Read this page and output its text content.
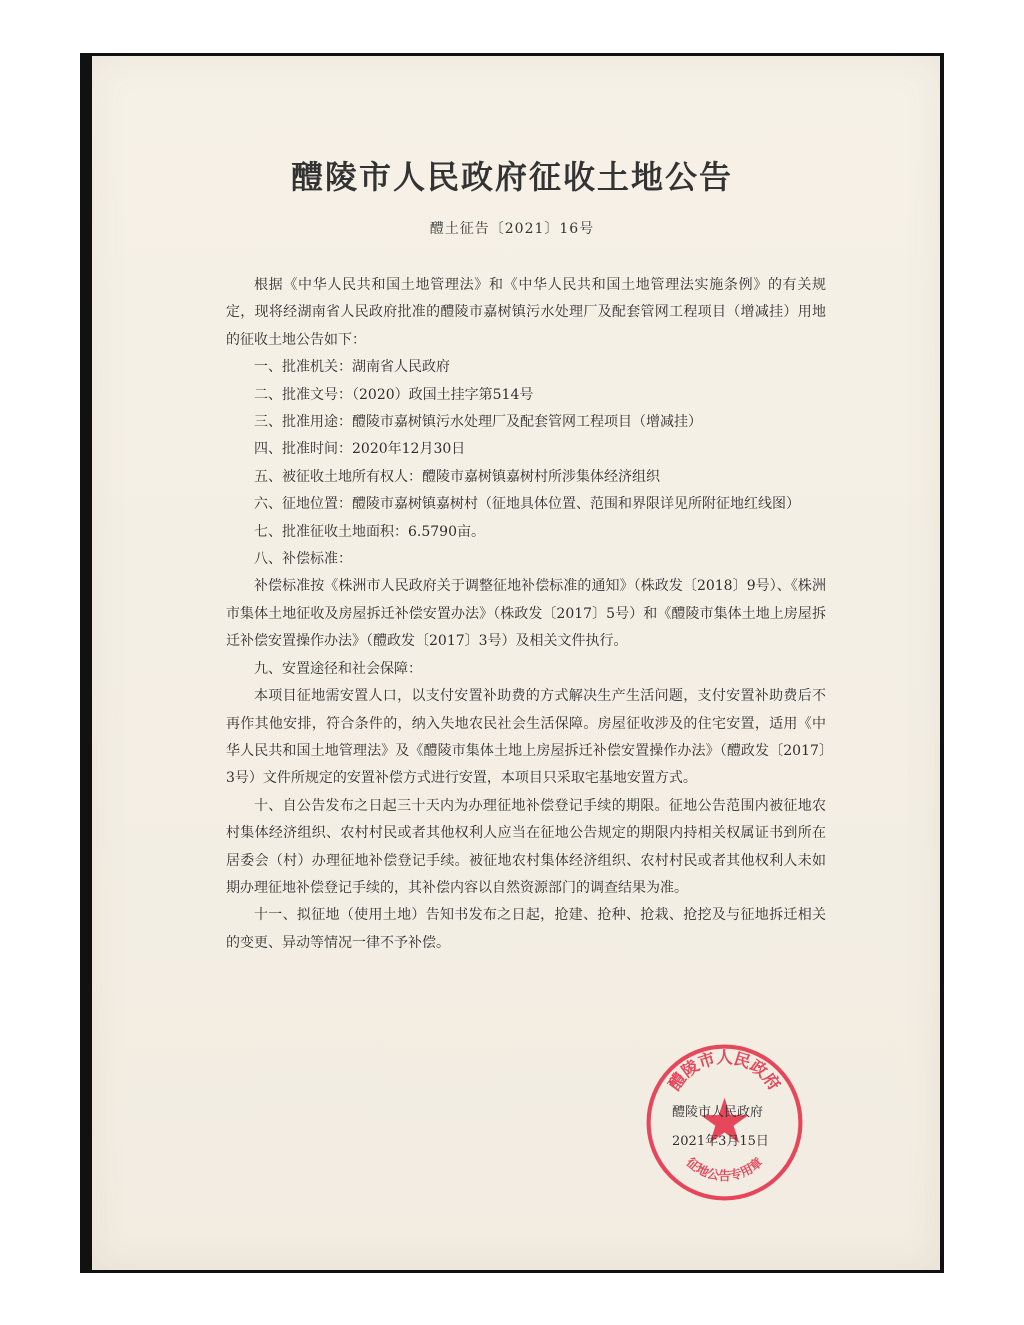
醴陵市人民政府征收土地公告
醴土征告〔2021〕16号

根据《中华人民共和国土地管理法》和《中华人民共和国土地管理法实施条例》的有关规定，现将经湖南省人民政府批准的醴陵市嘉树镇污水处理厂及配套管网工程项目（增减挂）用地的征收土地公告如下：

一、批准机关：湖南省人民政府

二、批准文号：（2020）政国土挂字第514号

三、批准用途：醴陵市嘉树镇污水处理厂及配套管网工程项目（增减挂）

四、批准时间：2020年12月30日

五、被征收土地所有权人：醴陵市嘉树镇嘉树村所涉集体经济组织

六、征地位置：醴陵市嘉树镇嘉树村（征地具体位置、范围和界限详见所附征地红线图）

七、批准征收土地面积：6.5790亩。

八、补偿标准：

补偿标准按《株洲市人民政府关于调整征地补偿标准的通知》（株政发〔2018〕9号）、《株洲市集体土地征收及房屋拆迁补偿安置办法》（株政发〔2017〕5号）和《醴陵市集体土地上房屋拆迁补偿安置操作办法》（醴政发〔2017〕3号）及相关文件执行。

九、安置途径和社会保障：

本项目征地需安置人口，以支付安置补助费的方式解决生产生活问题，支付安置补助费后不再作其他安排，符合条件的，纳入失地农民社会生活保障。房屋征收涉及的住宅安置，适用《中华人民共和国土地管理法》及《醴陵市集体土地上房屋拆迁补偿安置操作办法》（醴政发〔2017〕3号）文件所规定的安置补偿方式进行安置，本项目只采取宅基地安置方式。

十、自公告发布之日起三十天内为办理征地补偿登记手续的期限。征地公告范围内被征地农村集体经济组织、农村村民或者其他权利人应当在征地公告规定的期限内持相关权属证书到所在居委会（村）办理征地补偿登记手续。被征地农村集体经济组织、农村村民或者其他权利人未如期办理征地补偿登记手续的，其补偿内容以自然资源部门的调查结果为准。

十一、拟征地（使用土地）告知书发布之日起，抢建、抢种、抢栽、抢挖及与征地拆迁相关的变更、异动等情况一律不予补偿。

醴陵市人民政府
征地公告专用章
醴陵市人民政府
2021年3月15日
